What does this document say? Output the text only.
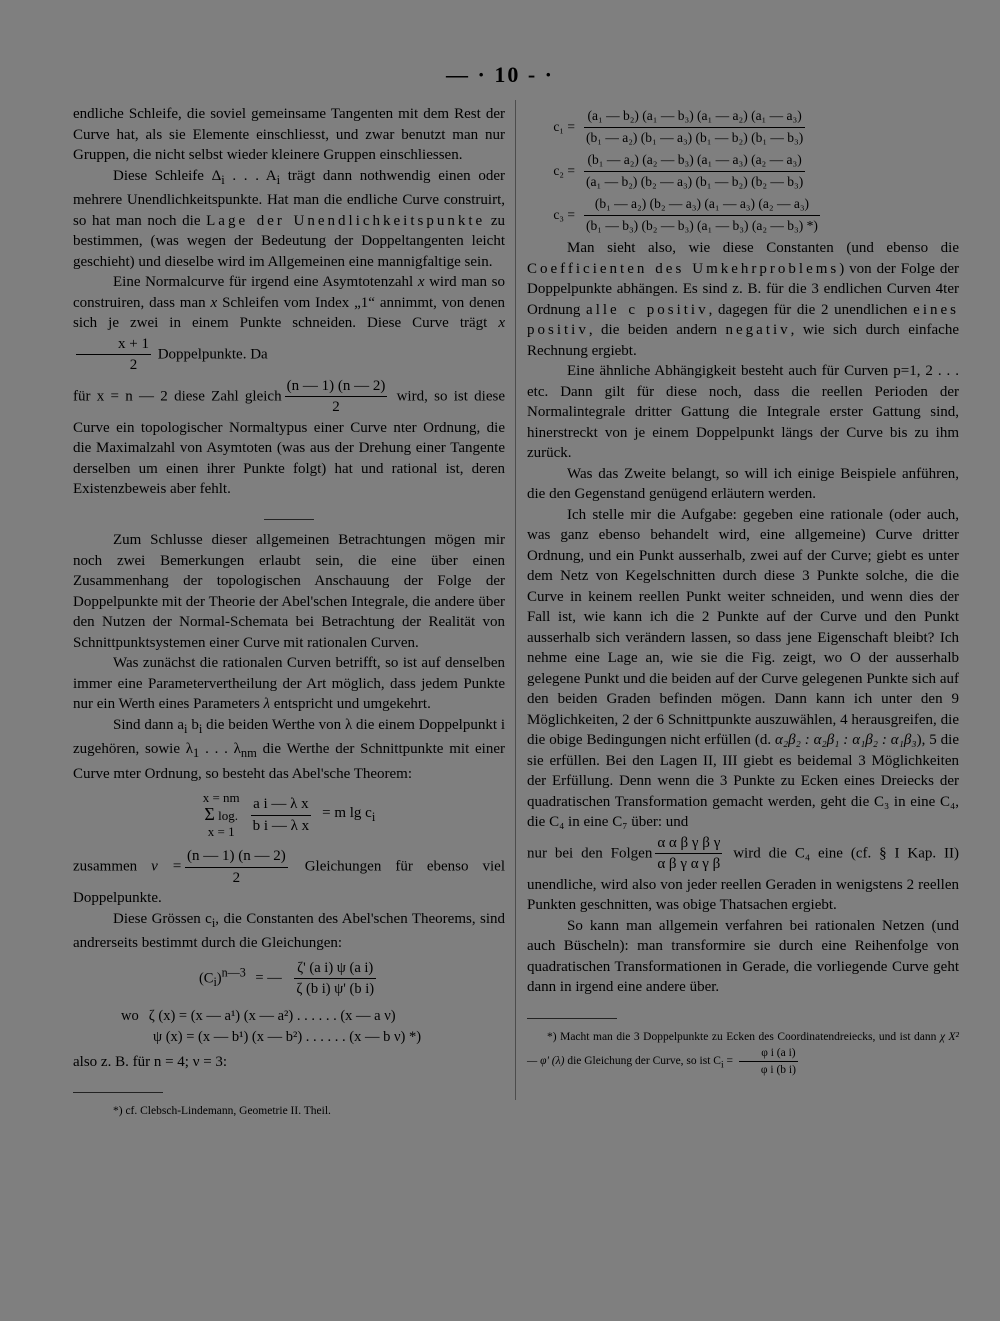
— · 10 - ·

endliche Schleife, die soviel gemeinsame Tangenten mit dem Rest der Curve hat, als sie Elemente einschliesst, und zwar benutzt man nur Gruppen, die nicht selbst wieder kleinere Gruppen einschliessen.

Diese Schleife $\Delta_i$ . . . $A_i$ trägt dann nothwendig einen oder mehrere Unendlichkeitspunkte. Hat man die endliche Curve construirt, so hat man noch die Lage der Unendlichkeitspunkte zu bestimmen, (was wegen der Bedeutung der Doppeltangenten leicht geschieht) und dieselbe wird im Allgemeinen eine mannigfaltige sein.

Eine Normalcurve für irgend eine Asymtotenzahl x wird man so construiren, dass man x Schleifen vom Index „1“ annimmt, von denen sich je zwei in einem Punkte schneiden. Diese Curve trägt x
$\frac{x + 1}{2}$ Doppelpunkte. Da

für x = n — 2 diese Zahl gleich $\frac{(n — 1) (n — 2)}{2}$ wird, so ist diese Curve ein topologischer Normaltypus einer Curve nter Ordnung, die die Maximalzahl von Asymtoten (was aus der Drehung einer Tangente derselben um einen ihrer Punkte folgt) hat und rational ist, deren Existenzbeweis aber fehlt.

Zum Schlusse dieser allgemeinen Betrachtungen mögen mir noch zwei Bemerkungen erlaubt sein, die eine über einen Zusammenhang der topologischen Anschauung der Folge der Doppelpunkte mit der Theorie der Abel'schen Integrale, die andere über den Nutzen der Normal-Schemata bei Betrachtung der Realität von Schnittpunktsystemen einer Curve mit rationalen Curven.

Was zunächst die rationalen Curven betrifft, so ist auf denselben immer eine Parametervertheilung der Art möglich, dass jedem Punkte nur ein Werth eines Parameters λ entspricht und umgekehrt.

Sind dann $a_i$ $b_i$ die beiden Werthe von λ die einem Doppelpunkt i zugehören, sowie $\lambda_1$ . . . $\lambda_{nm}$ die Werthe der Schnittpunkte mit einer Curve mter Ordnung, so besteht das Abel'sche Theorem:

x = nm
Σ log.
x = 1	$\frac{\text{a i — λ x}}{\text{b i — λ x}} = m$ $\lg c_i$

zusammen $\nu = \frac{(n — 1) (n — 2)}{2}$ Gleichungen für ebenso viel Doppelpunkte.

Diese Grössen $c_i$, die Constanten des Abel'schen Theorems, sind andrerseits bestimmt durch die Gleichungen:

$(C_i)^{n—3}$ = — $\frac{\text{ζ' (a i) ψ (a i)}}{\text{ζ (b i) ψ' (b i)}}$
wo ζ (x) = (x — a¹) (x — a²) . . . . . . (x — a ν)
ψ (x) = (x — b¹) (x — b²) . . . . . . (x — b ν) *)

also z. B. für n = 4; ν = 3:

*) cf. Clebsch-Lindemann, Geometrie II. Theil.
$c_1 = \frac{\text{(a₁ — b₂) (a₁ — b₃) (a₁ — a₂) (a₁ — a₃)}}{\text{(b₁ — a₂) (b₁ — a₃) (b₁ — b₂) (b₁ — b₃)}}$
$c_2 = \frac{\text{(b₁ — a₂) (a₂ — b₃) (a₁ — a₃) (a₂ — a₃)}}{\text{(a₁ — b₂) (b₂ — a₃) (b₁ — b₂) (b₂ — b₃)}}$
$c_3 = \frac{\text{(b₁ — a₂) (b₂ — a₃) (a₁ — a₃) (a₂ — a₃)}}{\text{(b₁ — b₃) (b₂ — b₃) (a₁ — b₃) (a₂ — b₃) *)}}$

Man sieht also, wie diese Constanten (und ebenso die Coefficienten des Umkehrproblems) von der Folge der Doppelpunkte abhängen. Es sind z. B. für die 3 endlichen Curven 4ter Ordnung alle c positiv, dagegen für die 2 unendlichen eines positiv, die beiden andern negativ, wie sich durch einfache Rechnung ergiebt.

Eine ähnliche Abhängigkeit besteht auch für Curven p=1, 2 . . . etc. Dann gilt für diese noch, dass die reellen Perioden der Normalintegrale dritter Gattung die Integrale erster Gattung sind, hinerstreckt von je einem Doppelpunkt längs der Curve bis zu ihm zurück.

Was das Zweite belangt, so will ich einige Beispiele anführen, die den Gegenstand genügend erläutern werden.

Ich stelle mir die Aufgabe: gegeben eine rationale (oder auch, was ganz ebenso behandelt wird, eine allgemeine) Curve dritter Ordnung, und ein Punkt ausserhalb, zwei auf der Curve; giebt es unter dem Netz von Kegelschnitten durch diese 3 Punkte solche, die die Curve in keinem reellen Punkt weiter schneiden, und wenn dies der Fall ist, wie kann ich die 2 Punkte auf der Curve und den Punkt ausserhalb sich verändern lassen, so dass jene Eigenschaft bleibt? Ich nehme eine Lage an, wie sie die Fig. zeigt, wo O der ausserhalb gelegene Punkt und die beiden auf der Curve gelegenen Punkte sich auf den beiden Graden befinden mögen. Dann kann ich unter den 9 Möglichkeiten, 2 der 6 Schnittpunkte auszuwählen, 4 herausgreifen, die die obige Bedingungen nicht erfüllen (d. α₂β₂ : α₂β₁ : α₁β₂ : α₁β₃), 5 die sie erfüllen. Bei den Lagen II, III giebt es beidemal 3 Möglichkeiten der Erfüllung. Denn wenn die 3 Punkte zu Ecken eines Dreiecks der quadratischen Transformation gemacht werden, geht die C₃ in eine C₄, die C₄ in eine C₇ über: und

nur bei den Folgen $\frac{\text{α α β γ β γ}}{\text{α β γ α γ β}}$ wird die C₄ eine (cf. § I Kap. II) unendliche, wird also von jeder reellen Geraden in wenigstens 2 reellen Punkten geschnitten, was obige Thatsachen ergiebt.

So kann man allgemein verfahren bei rationalen Netzen (und auch Büscheln): man transformire sie durch eine Reihenfolge von quadratischen Transformationen in Gerade, die vorliegende Curve geht dann in irgend eine andere über.

*) Macht man die 3 Doppelpunkte zu Ecken des Coordinatendreiecks, und ist dann χ X² — φ' (λ) die Gleichung der Curve, so ist $C_i = \frac{\text{φ i (a i)}}{\text{φ i (b i)}}$
